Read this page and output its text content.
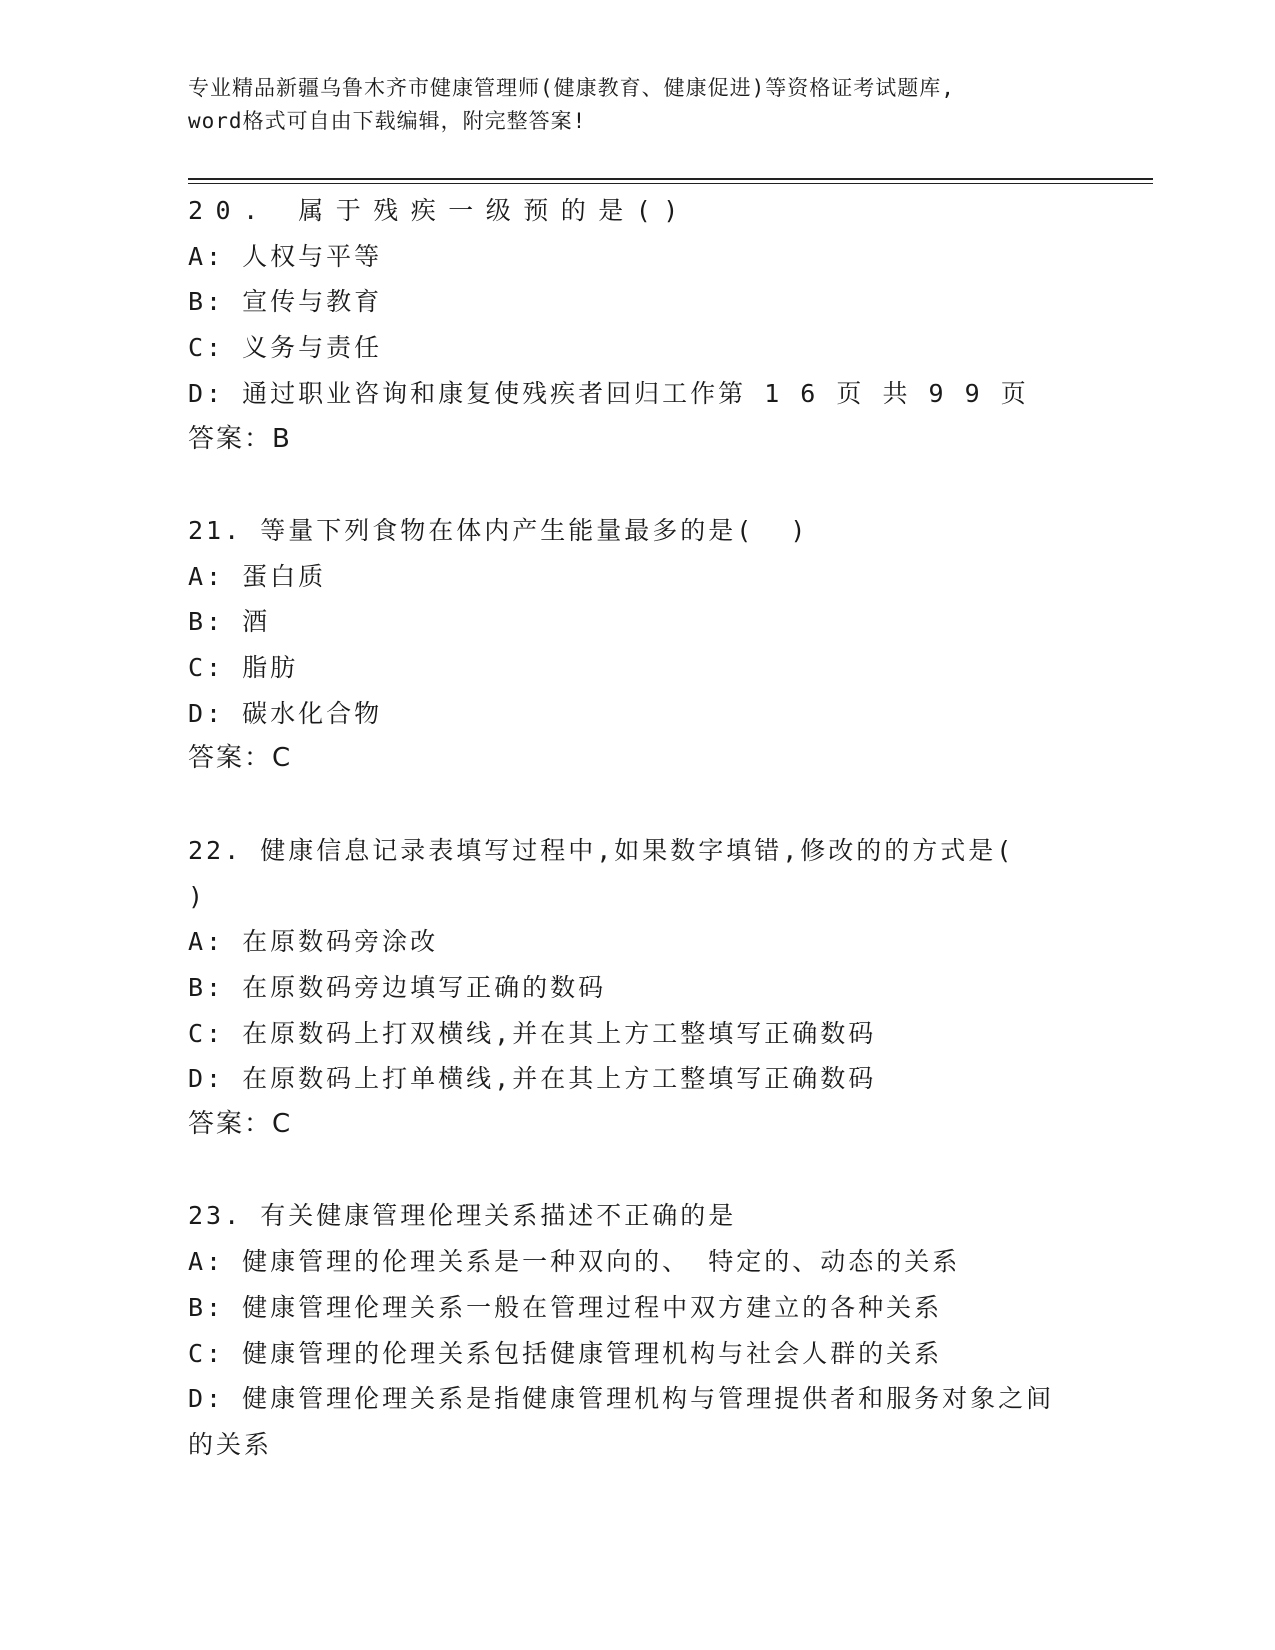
专业精品新疆乌鲁木齐市健康管理师(健康教育、健康促进)等资格证考试题库,
word格式可自由下载编辑，附完整答案!
20. 属于残疾一级预的是()
A: 人权与平等
B: 宣传与教育
C: 义务与责任
D: 通过职业咨询和康复使残疾者回归工作第 1 6 页 共 9 9 页
答案：B
21. 等量下列食物在体内产生能量最多的是(  )
A: 蛋白质
B: 酒
C: 脂肪
D: 碳水化合物
答案：C
22. 健康信息记录表填写过程中,如果数字填错,修改的的方式是(
)
A: 在原数码旁涂改
B: 在原数码旁边填写正确的数码
C: 在原数码上打双横线,并在其上方工整填写正确数码
D: 在原数码上打单横线,并在其上方工整填写正确数码
答案：C
23. 有关健康管理伦理关系描述不正确的是
A: 健康管理的伦理关系是一种双向的、 特定的、动态的关系
B: 健康管理伦理关系一般在管理过程中双方建立的各种关系
C: 健康管理的伦理关系包括健康管理机构与社会人群的关系
D: 健康管理伦理关系是指健康管理机构与管理提供者和服务对象之间
的关系
